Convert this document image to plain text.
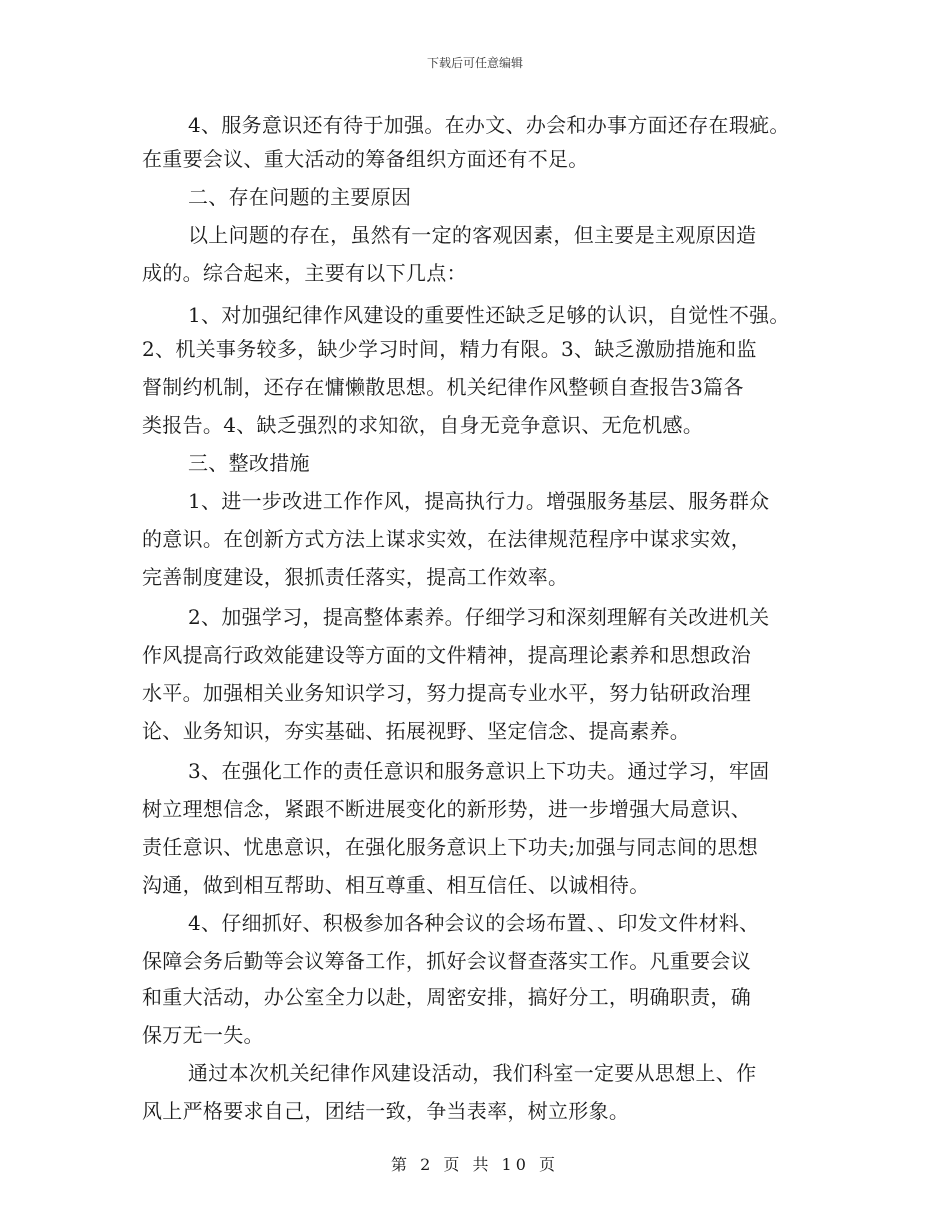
下载后可任意编辑
4、服务意识还有待于加强。在办文、办会和办事方面还存在瑕疵。
在重要会议、重大活动的筹备组织方面还有不足。
二、存在问题的主要原因
以上问题的存在，虽然有一定的客观因素，但主要是主观原因造
成的。综合起来，主要有以下几点：
1、对加强纪律作风建设的重要性还缺乏足够的认识，自觉性不强。
2、机关事务较多，缺少学习时间，精力有限。3、缺乏激励措施和监
督制约机制，还存在慵懒散思想。机关纪律作风整顿自查报告3篇各
类报告。4、缺乏强烈的求知欲，自身无竞争意识、无危机感。
三、整改措施
1、进一步改进工作作风，提高执行力。增强服务基层、服务群众
的意识。在创新方式方法上谋求实效，在法律规范程序中谋求实效，
完善制度建设，狠抓责任落实，提高工作效率。
2、加强学习，提高整体素养。仔细学习和深刻理解有关改进机关
作风提高行政效能建设等方面的文件精神，提高理论素养和思想政治
水平。加强相关业务知识学习，努力提高专业水平，努力钻研政治理
论、业务知识，夯实基础、拓展视野、坚定信念、提高素养。
3、在强化工作的责任意识和服务意识上下功夫。通过学习，牢固
树立理想信念，紧跟不断进展变化的新形势，进一步增强大局意识、
责任意识、忧患意识，在强化服务意识上下功夫;加强与同志间的思想
沟通，做到相互帮助、相互尊重、相互信任、以诚相待。
4、仔细抓好、积极参加各种会议的会场布置、、印发文件材料、
保障会务后勤等会议筹备工作，抓好会议督查落实工作。凡重要会议
和重大活动，办公室全力以赴，周密安排，搞好分工，明确职责，确
保万无一失。
通过本次机关纪律作风建设活动，我们科室一定要从思想上、作
风上严格要求自己，团结一致，争当表率，树立形象。
第 2 页 共 10 页
